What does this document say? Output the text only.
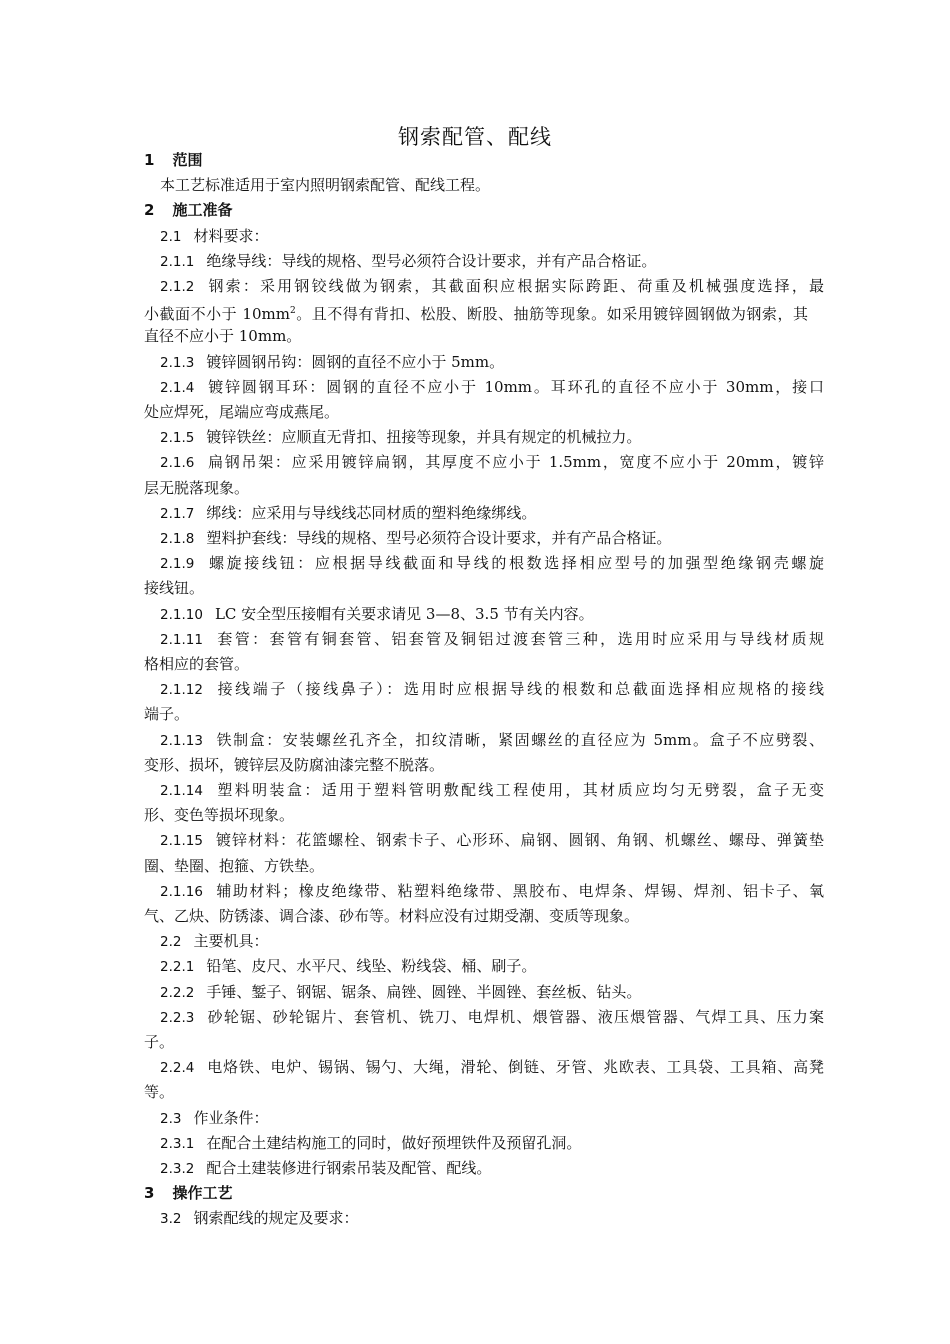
钢索配管、配线
1 范围
本工艺标准适用于室内照明钢索配管、配线工程。
2 施工准备
2.1 材料要求：
2.1.1 绝缘导线：导线的规格、型号必须符合设计要求，并有产品合格证。
2.1.2 钢索：采用钢铰线做为钢索，其截面积应根据实际跨距、荷重及机械强度选择，最
小截面不小于 $10mm^2$。且不得有背扣、松股、断股、抽筋等现象。如采用镀锌圆钢做为钢索，其
直径不应小于 10mm。
2.1.3 镀锌圆钢吊钩：圆钢的直径不应小于 5mm。
2.1.4 镀锌圆钢耳环：圆钢的直径不应小于 10mm。耳环孔的直径不应小于 30mm，接口
处应焊死，尾端应弯成燕尾。
2.1.5 镀锌铁丝：应顺直无背扣、扭接等现象，并具有规定的机械拉力。
2.1.6 扁钢吊架：应采用镀锌扁钢，其厚度不应小于 1.5mm，宽度不应小于 20mm，镀锌
层无脱落现象。
2.1.7 绑线：应采用与导线线芯同材质的塑料绝缘绑线。
2.1.8 塑料护套线：导线的规格、型号必须符合设计要求，并有产品合格证。
2.1.9 螺旋接线钮：应根据导线截面和导线的根数选择相应型号的加强型绝缘钢壳螺旋
接线钮。
2.1.10 LC 安全型压接帽有关要求请见 3—8、3.5 节有关内容。
2.1.11 套管：套管有铜套管、铝套管及铜铝过渡套管三种，选用时应采用与导线材质规
格相应的套管。
2.1.12 接线端子（接线鼻子）：选用时应根据导线的根数和总截面选择相应规格的接线
端子。
2.1.13 铁制盒：安装螺丝孔齐全，扣纹清晰，紧固螺丝的直径应为 5mm。盒子不应劈裂、
变形、损坏，镀锌层及防腐油漆完整不脱落。
2.1.14 塑料明装盒：适用于塑料管明敷配线工程使用，其材质应均匀无劈裂，盒子无变
形、变色等损坏现象。
2.1.15 镀锌材料：花篮螺栓、钢索卡子、心形环、扁钢、圆钢、角钢、机螺丝、螺母、弹簧垫
圈、垫圈、抱箍、方铁垫。
2.1.16 辅助材料；橡皮绝缘带、粘塑料绝缘带、黑胶布、电焊条、焊锡、焊剂、铝卡子、氧
气、乙炔、防锈漆、调合漆、砂布等。材料应没有过期受潮、变质等现象。
2.2 主要机具：
2.2.1 铅笔、皮尺、水平尺、线坠、粉线袋、桶、刷子。
2.2.2 手锤、錾子、钢锯、锯条、扁锉、圆锉、半圆锉、套丝板、钻头。
2.2.3 砂轮锯、砂轮锯片、套管机、铣刀、电焊机、煨管器、液压煨管器、气焊工具、压力案
子。
2.2.4 电烙铁、电炉、锡锅、锡勺、大绳，滑轮、倒链、牙管、兆欧表、工具袋、工具箱、高凳
等。
2.3 作业条件：
2.3.1 在配合土建结构施工的同时，做好预埋铁件及预留孔洞。
2.3.2 配合土建装修进行钢索吊装及配管、配线。
3 操作工艺
3.2 钢索配线的规定及要求：
